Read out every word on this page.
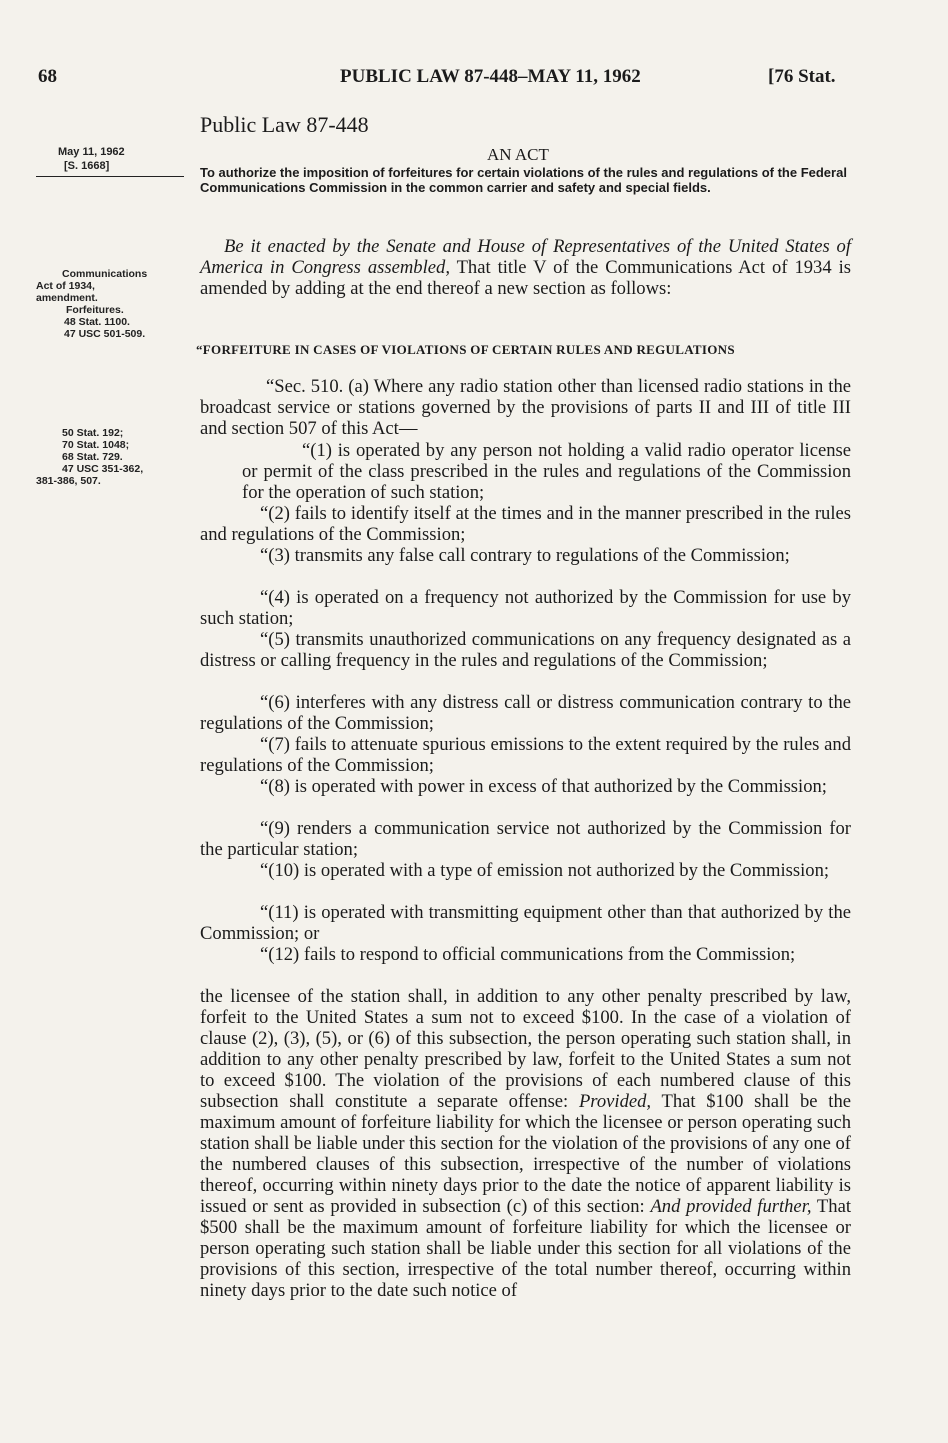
68	PUBLIC LAW 87-448–MAY 11, 1962	[76 Stat.
Public Law 87-448
AN ACT
To authorize the imposition of forfeitures for certain violations of the rules and regulations of the Federal Communications Commission in the common carrier and safety and special fields.
May 11, 1962
[S. 1668]
Communications
Act of 1934,
amendment.
Forfeitures.
48 Stat. 1100.
47 USC 501-509.
50 Stat. 192;
70 Stat. 1048;
68 Stat. 729.
47 USC 351-362,
381-386, 507.
Be it enacted by the Senate and House of Representatives of the United States of America in Congress assembled, That title V of the Communications Act of 1934 is amended by adding at the end thereof a new section as follows:
“FORFEITURE IN CASES OF VIOLATIONS OF CERTAIN RULES AND REGULATIONS
“Sec. 510. (a) Where any radio station other than licensed radio stations in the broadcast service or stations governed by the provisions of parts II and III of title III and section 507 of this Act—
“(1) is operated by any person not holding a valid radio operator license or permit of the class prescribed in the rules and regulations of the Commission for the operation of such station;
“(2) fails to identify itself at the times and in the manner prescribed in the rules and regulations of the Commission;
“(3) transmits any false call contrary to regulations of the Commission;
“(4) is operated on a frequency not authorized by the Commission for use by such station;
“(5) transmits unauthorized communications on any frequency designated as a distress or calling frequency in the rules and regulations of the Commission;
“(6) interferes with any distress call or distress communication contrary to the regulations of the Commission;
“(7) fails to attenuate spurious emissions to the extent required by the rules and regulations of the Commission;
“(8) is operated with power in excess of that authorized by the Commission;
“(9) renders a communication service not authorized by the Commission for the particular station;
“(10) is operated with a type of emission not authorized by the Commission;
“(11) is operated with transmitting equipment other than that authorized by the Commission; or
“(12) fails to respond to official communications from the Commission;
the licensee of the station shall, in addition to any other penalty prescribed by law, forfeit to the United States a sum not to exceed $100. In the case of a violation of clause (2), (3), (5), or (6) of this subsection, the person operating such station shall, in addition to any other penalty prescribed by law, forfeit to the United States a sum not to exceed $100. The violation of the provisions of each numbered clause of this subsection shall constitute a separate offense: Provided, That $100 shall be the maximum amount of forfeiture liability for which the licensee or person operating such station shall be liable under this section for the violation of the provisions of any one of the numbered clauses of this subsection, irrespective of the number of violations thereof, occurring within ninety days prior to the date the notice of apparent liability is issued or sent as provided in subsection (c) of this section: And provided further, That $500 shall be the maximum amount of forfeiture liability for which the licensee or person operating such station shall be liable under this section for all violations of the provisions of this section, irrespective of the total number thereof, occurring within ninety days prior to the date such notice of
